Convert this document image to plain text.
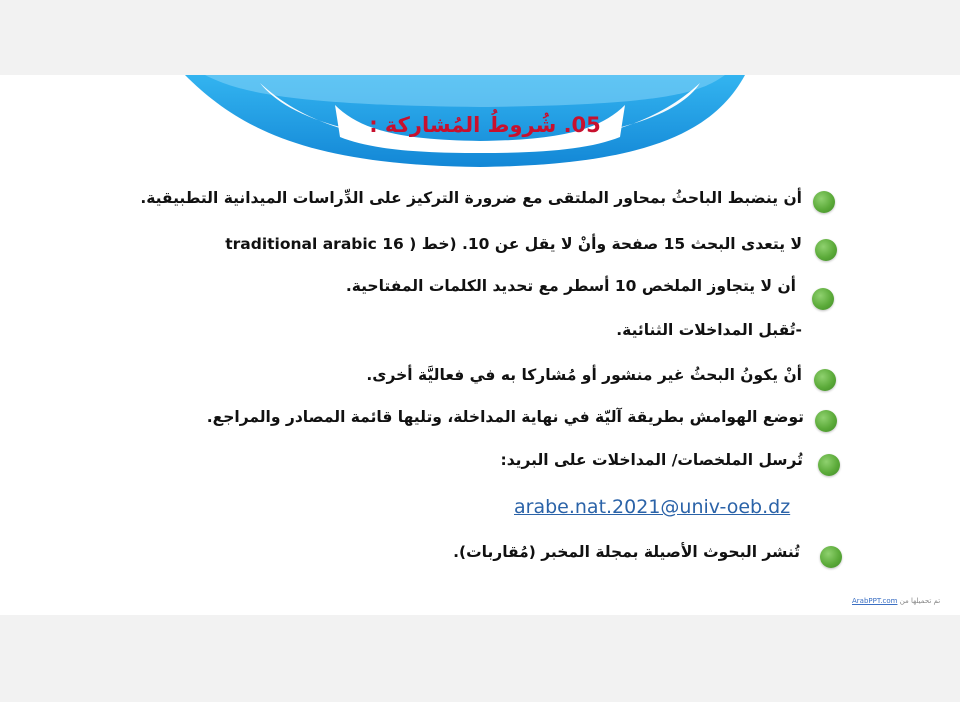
05. شُروطُ المُشاركة :
أن ينضبط الباحثُ بمحاور الملتقى مع ضرورة التركيز على الدِّراسات الميدانية التطبيقية.
لا يتعدى البحث 15 صفحة وأنْ لا يقل عن 10. (خط ( traditional arabic 16
أن لا يتجاوز الملخص 10 أسطر مع تحديد الكلمات المفتاحية.
-تُقبل المداخلات الثنائية.
أنْ يكونُ البحثُ غير منشور أو مُشاركا به في فعاليَّة أخرى.
توضع الهوامش بطريقة آليّة في نهاية المداخلة، وتليها قائمة المصادر والمراجع.
تُرسل الملخصات/ المداخلات على البريد:
arabe.nat.2021@univ-oeb.dz
تُنشر البحوث الأصيلة بمجلة المخبر (مُقاربات).
تم تحميلها من ArabPPT.com
